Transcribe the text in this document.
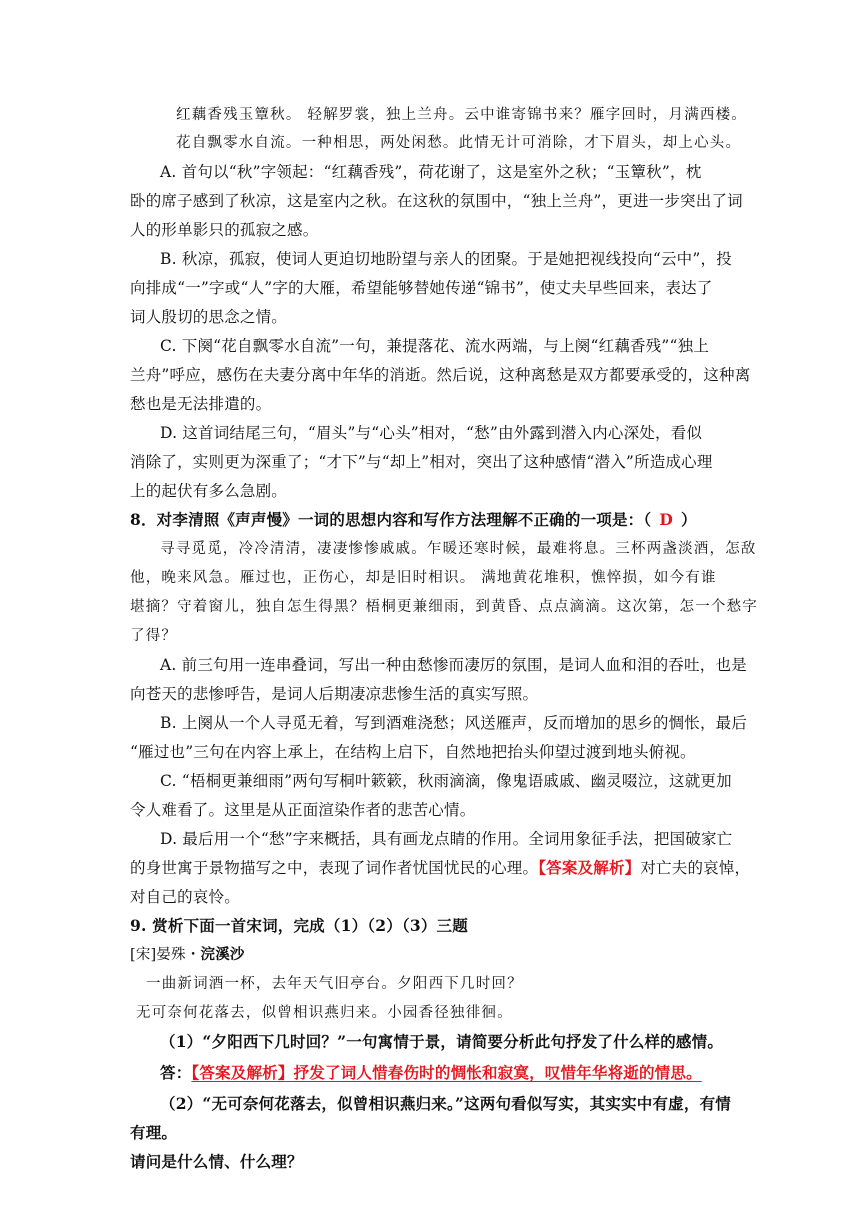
红藕香残玉簟秋。 轻解罗裳，独上兰舟。云中谁寄锦书来？雁字回时，月满西楼。
花自飘零水自流。一种相思，两处闲愁。此情无计可消除，才下眉头，却上心头。
A. 首句以“秋”字领起：“红藕香残”，荷花谢了，这是室外之秋；“玉簟秋”，枕
卧的席子感到了秋凉，这是室内之秋。在这秋的氛围中，“独上兰舟”，更进一步突出了词
人的形单影只的孤寂之感。
B. 秋凉，孤寂，使词人更迫切地盼望与亲人的团聚。于是她把视线投向“云中”，投
向排成“一”字或“人”字的大雁，希望能够替她传递“锦书”，使丈夫早些回来，表达了
词人殷切的思念之情。
C. 下阕“花自飘零水自流”一句，兼提落花、流水两端，与上阕“红藕香残”“独上
兰舟”呼应，感伤在夫妻分离中年华的消逝。然后说，这种离愁是双方都要承受的，这种离
愁也是无法排遣的。
D. 这首词结尾三句，“眉头”与“心头”相对，“愁”由外露到潜入内心深处，看似
消除了，实则更为深重了；“才下”与“却上”相对，突出了这种感情“潜入”所造成心理
上的起伏有多么急剧。
8．对李清照《声声慢》一词的思想内容和写作方法理解不正确的一项是：（ D ）
寻寻觅觅，冷冷清清，凄凄惨惨戚戚。乍暖还寒时候，最难将息。三杯两盏淡酒，怎敌
他，晚来风急。雁过也，正伤心，却是旧时相识。 满地黄花堆积，憔悴损，如今有谁
堪摘？守着窗儿，独自怎生得黑？梧桐更兼细雨，到黄昏、点点滴滴。这次第，怎一个愁字
了得？
A. 前三句用一连串叠词，写出一种由愁惨而凄厉的氛围，是词人血和泪的吞吐，也是
向苍天的悲惨呼告，是词人后期凄凉悲惨生活的真实写照。
B. 上阕从一个人寻觅无着，写到酒难浇愁；风送雁声，反而增加的思乡的惆怅，最后
“雁过也”三句在内容上承上，在结构上启下，自然地把抬头仰望过渡到地头俯视。
C. “梧桐更兼细雨”两句写桐叶簌簌，秋雨滴滴，像鬼语戚戚、幽灵啜泣，这就更加
令人难看了。这里是从正面渲染作者的悲苦心情。
D. 最后用一个“愁”字来概括，具有画龙点睛的作用。全词用象征手法，把国破家亡
的身世寓于景物描写之中，表现了词作者忧国忧民的心理。【答案及解析】对亡夫的哀悼，
对自己的哀怜。
9. 赏析下面一首宋词，完成（1）（2）（3）三题
[宋]晏殊・浣溪沙
一曲新词酒一杯，去年天气旧亭台。夕阳西下几时回？
无可奈何花落去，似曾相识燕归来。小园香径独徘徊。
（1）“夕阳西下几时回？”一句寓情于景，请简要分析此句抒发了什么样的感情。
答：【答案及解析】抒发了词人惜春伤时的惆怅和寂寞，叹惜年华将逝的情思。
（2）“无可奈何花落去，似曾相识燕归来。”这两句看似写实，其实实中有虚，有情
有理。
请问是什么情、什么理？
